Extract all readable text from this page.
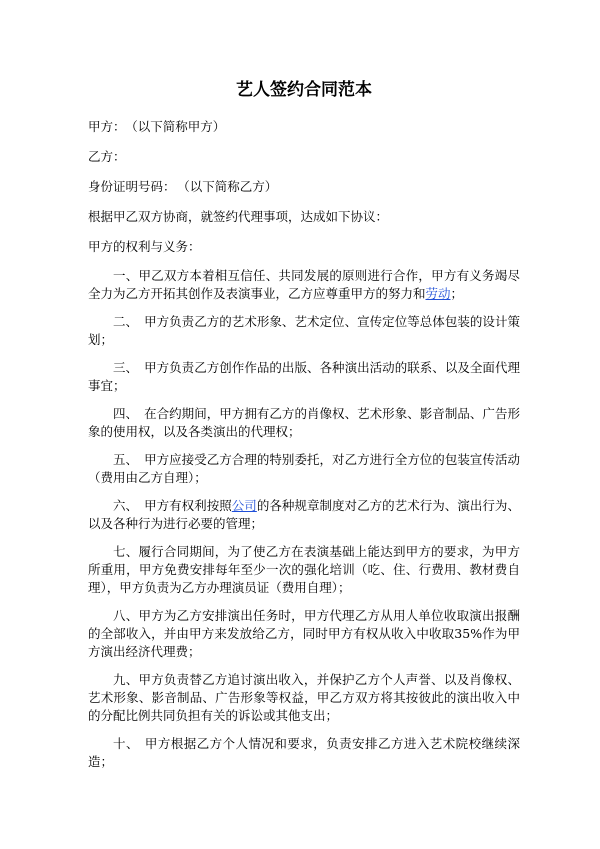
艺人签约合同范本

甲方： （以下简称甲方）

乙方：

身份证明号码： （以下简称乙方）

根据甲乙双方协商，就签约代理事项，达成如下协议：

甲方的权利与义务：

一、甲乙双方本着相互信任、共同发展的原则进行合作，甲方有义务竭尽全力为乙方开拓其创作及表演事业，乙方应尊重甲方的努力和劳动；

二、 甲方负责乙方的艺术形象、艺术定位、宣传定位等总体包装的设计策划；

三、 甲方负责乙方创作作品的出版、各种演出活动的联系、以及全面代理事宜；

四、 在合约期间，甲方拥有乙方的肖像权、艺术形象、影音制品、广告形象的使用权，以及各类演出的代理权；

五、 甲方应接受乙方合理的特别委托，对乙方进行全方位的包装宣传活动（费用由乙方自理）；

六、 甲方有权利按照公司的各种规章制度对乙方的艺术行为、演出行为、以及各种行为进行必要的管理；

七、履行合同期间，为了使乙方在表演基础上能达到甲方的要求，为甲方所重用，甲方免费安排每年至少一次的强化培训（吃、住、行费用、教材费自理），甲方负责为乙方办理演员证（费用自理）；

八、甲方为乙方安排演出任务时，甲方代理乙方从用人单位收取演出报酬的全部收入，并由甲方来发放给乙方，同时甲方有权从收入中收取35%作为甲方演出经济代理费；

九、甲方负责替乙方追讨演出收入，并保护乙方个人声誉、以及肖像权、艺术形象、影音制品、广告形象等权益，甲乙方双方将其按彼此的演出收入中的分配比例共同负担有关的诉讼或其他支出；

十、 甲方根据乙方个人情况和要求，负责安排乙方进入艺术院校继续深造；
